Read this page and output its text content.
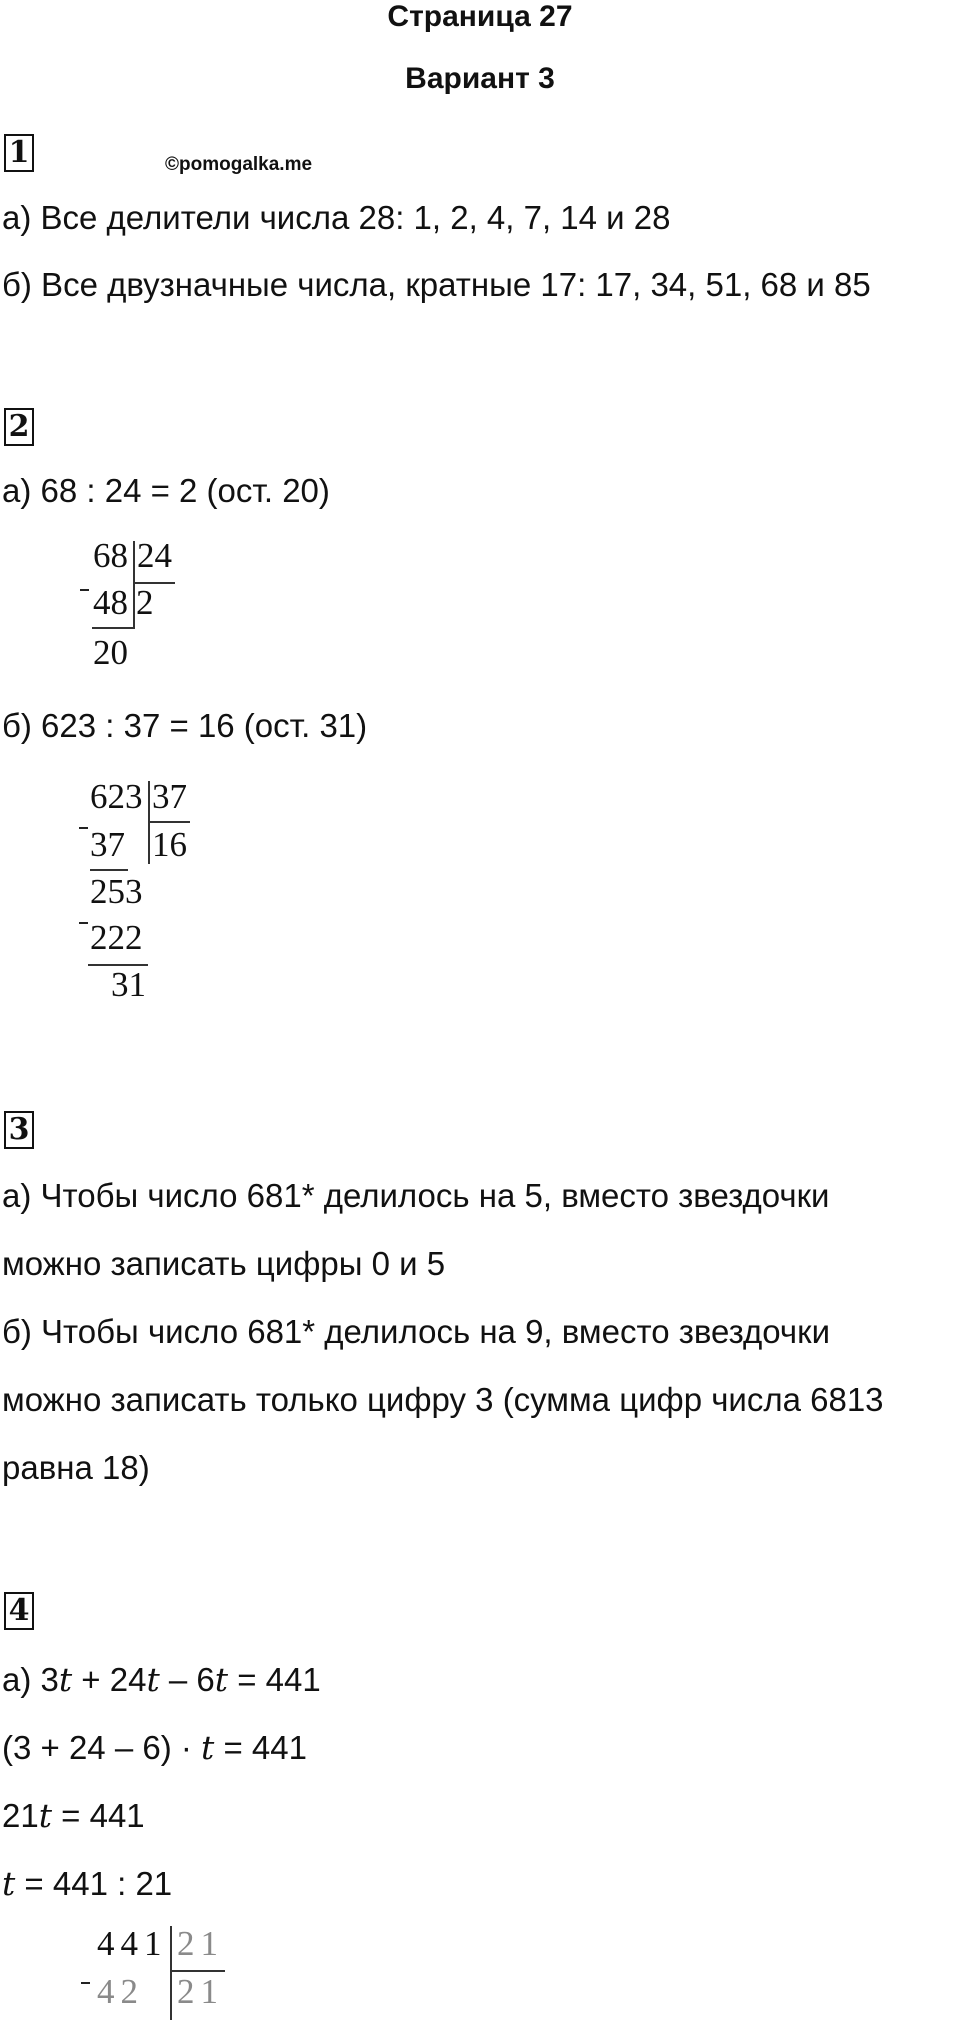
Страница 27
Вариант 3
1	©pomogalka.me
а) Все делители числа 28: 1, 2, 4, 7, 14 и 28
б) Все двузначные числа, кратные 17: 17, 34, 51, 68 и 85
2
а) 68 : 24 = 2 (ост. 20)
68 24
48 2
20
б) 623 : 37 = 16 (ост. 31)
623 37
37 16
253
222
31
3
а) Чтобы число 681* делилось на 5, вместо звездочки
можно записать цифры 0 и 5
б) Чтобы число 681* делилось на 9, вместо звездочки
можно записать только цифру 3 (сумма цифр числа 6813
равна 18)
4
а) 3t + 24t – 6t = 441
(3 + 24 – 6) · t = 441
21t = 441
t = 441 : 21
441 21
42 21
